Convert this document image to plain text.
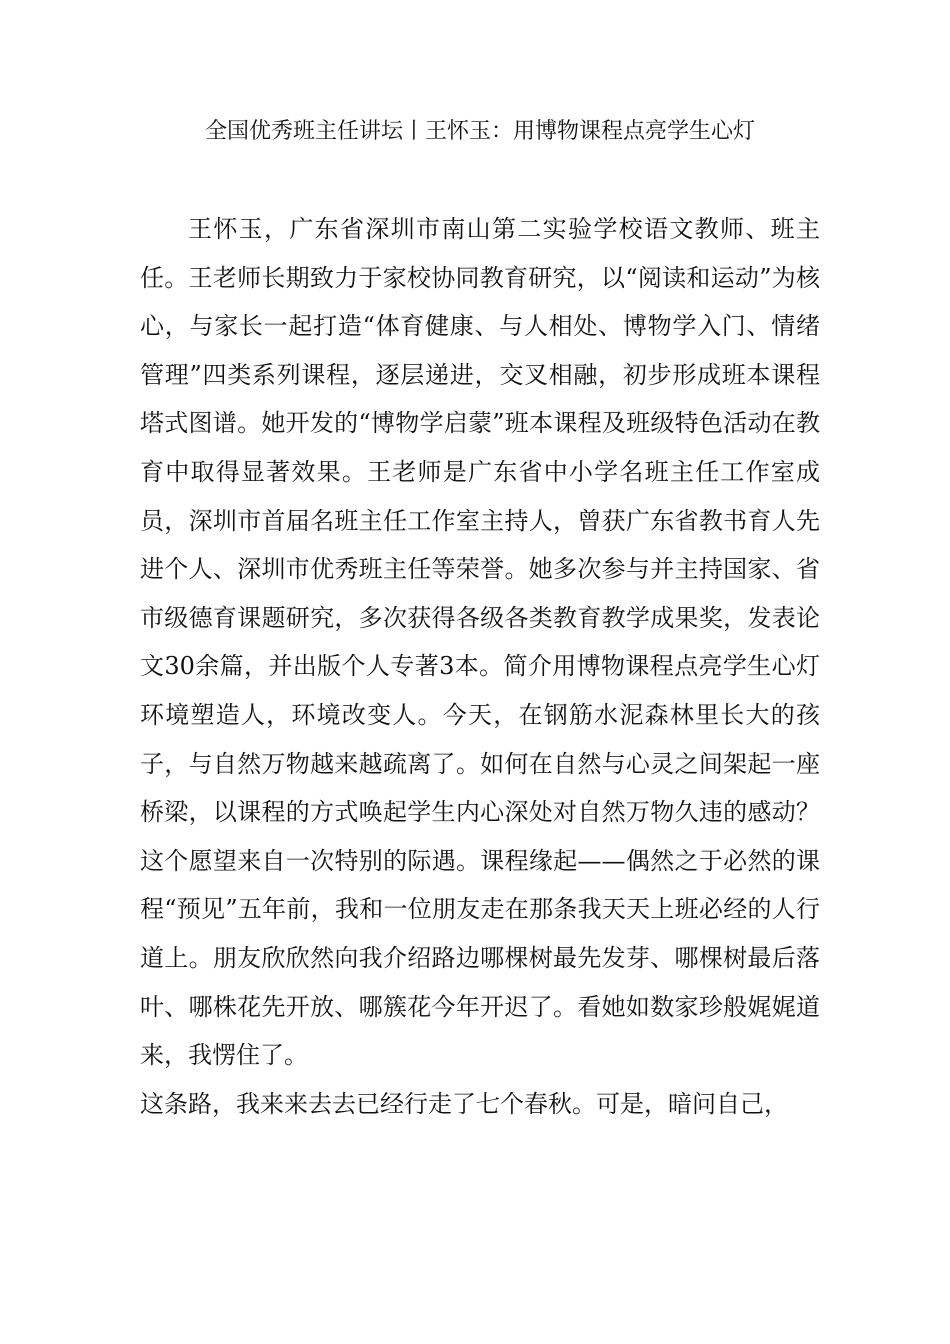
全国优秀班主任讲坛丨王怀玉：用博物课程点亮学生心灯

王怀玉，广东省深圳市南山第二实验学校语文教师、班主任。王老师长期致力于家校协同教育研究，以“阅读和运动”为核心，与家长一起打造“体育健康、与人相处、博物学入门、情绪管理”四类系列课程，逐层递进，交叉相融，初步形成班本课程塔式图谱。她开发的“博物学启蒙”班本课程及班级特色活动在教育中取得显著效果。王老师是广东省中小学名班主任工作室成员，深圳市首届名班主任工作室主持人，曾获广东省教书育人先进个人、深圳市优秀班主任等荣誉。她多次参与并主持国家、省市级德育课题研究，多次获得各级各类教育教学成果奖，发表论文30余篇，并出版个人专著3本。简介用博物课程点亮学生心灯环境塑造人，环境改变人。今天，在钢筋水泥森林里长大的孩子，与自然万物越来越疏离了。如何在自然与心灵之间架起一座桥梁，以课程的方式唤起学生内心深处对自然万物久违的感动？这个愿望来自一次特别的际遇。课程缘起——偶然之于必然的课程“预见”五年前，我和一位朋友走在那条我天天上班必经的人行道上。朋友欣欣然向我介绍路边哪棵树最先发芽、哪棵树最后落叶、哪株花先开放、哪簇花今年开迟了。看她如数家珍般娓娓道来，我愣住了。

这条路，我来来去去已经行走了七个春秋。可是，暗问自己，
